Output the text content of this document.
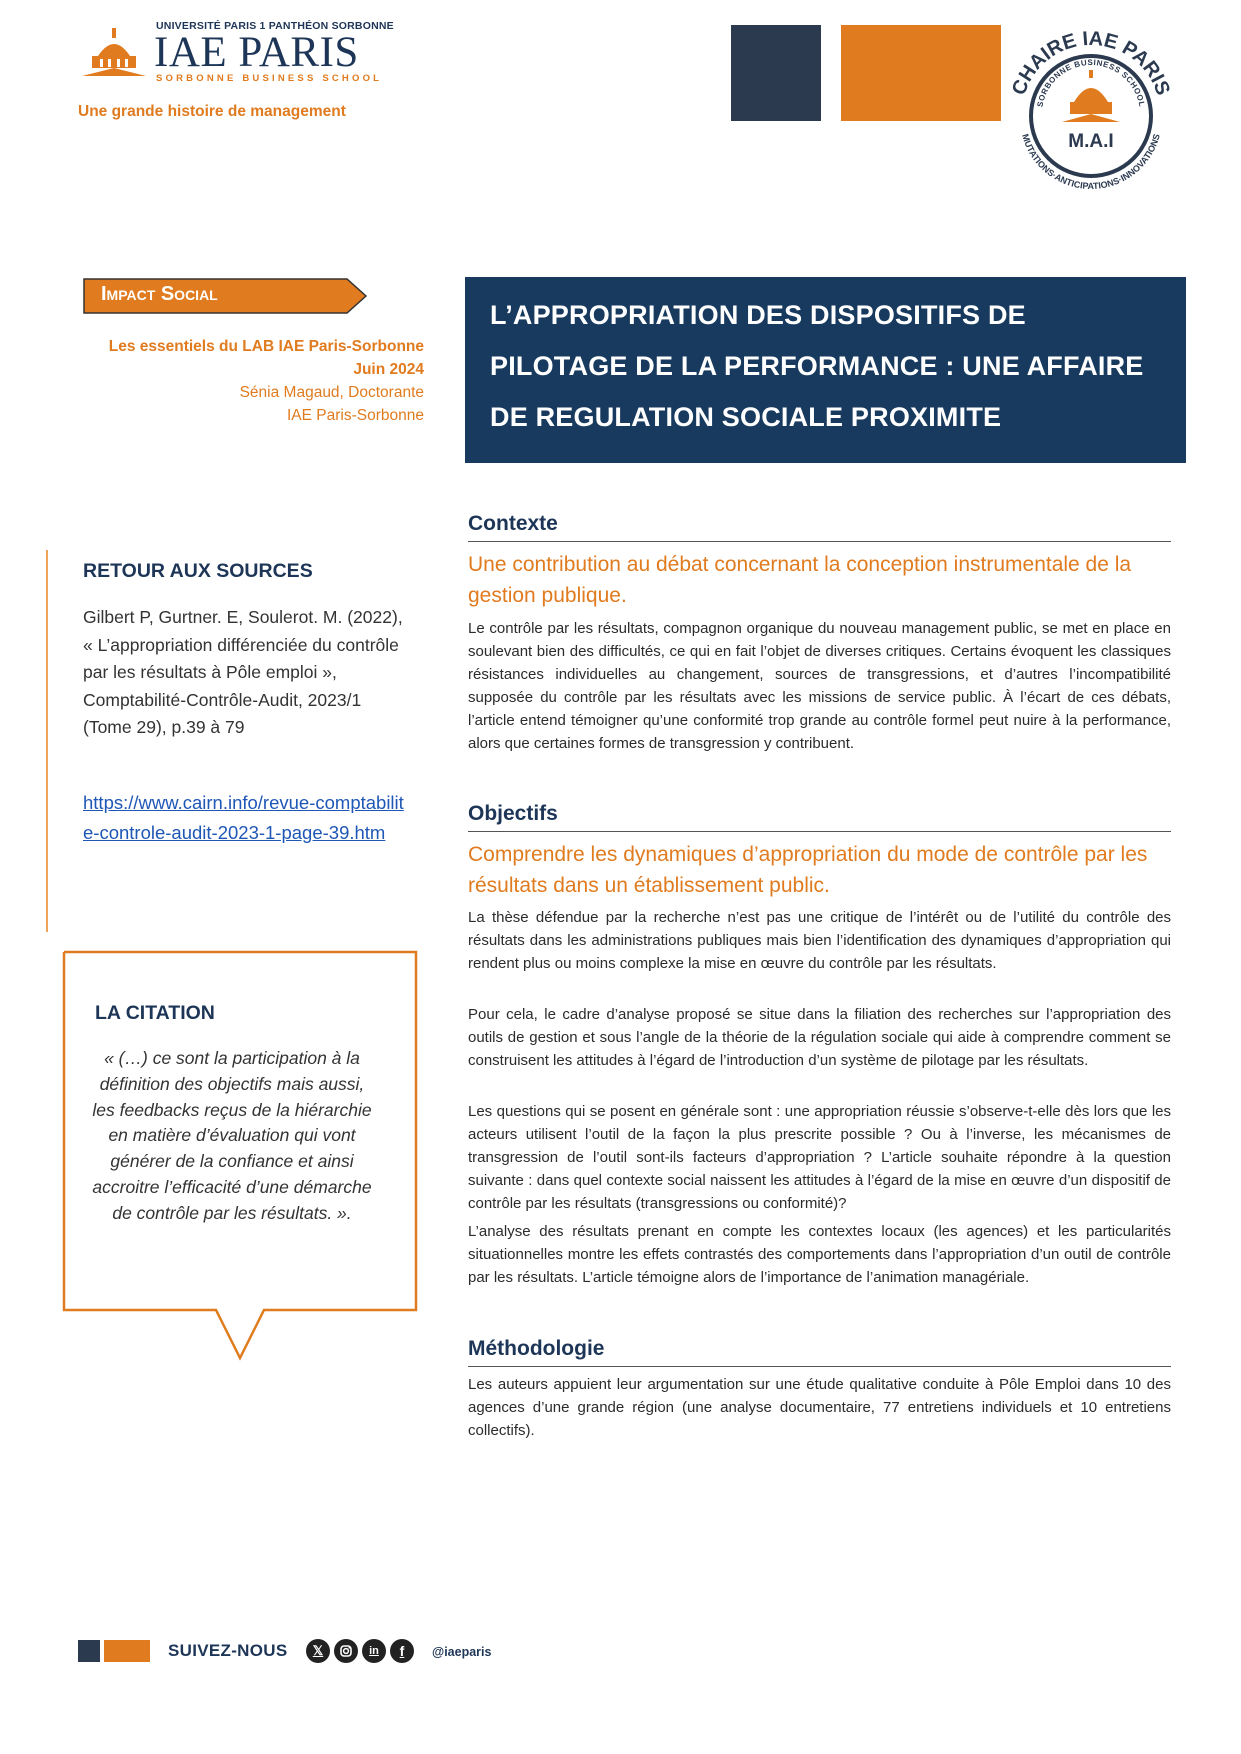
UNIVERSITÉ PARIS 1 PANTHÉON SORBONNE
IAE PARIS
SORBONNE BUSINESS SCHOOL
Une grande histoire de management
CHAIRE IAE PARIS
SORBONNE BUSINESS SCHOOL
MUTATIONS·ANTICIPATIONS·INNOVATIONS
M.A.I
Impact Social
Les essentiels du LAB IAE Paris-Sorbonne
Juin 2024
Sénia Magaud, Doctorante
IAE Paris-Sorbonne
RETOUR AUX SOURCES
Gilbert P, Gurtner. E, Soulerot. M. (2022), « L’appropriation différenciée du contrôle par les résultats à Pôle emploi », Comptabilité-Contrôle-Audit, 2023/1 (Tome 29), p.39 à 79
https://www.cairn.info/revue-comptabilite-controle-audit-2023-1-page-39.htm
LA CITATION
« (…) ce sont la participation à la définition des objectifs mais aussi, les feedbacks reçus de la hiérarchie en matière d’évaluation qui vont générer de la confiance et ainsi accroitre l’efficacité d’une démarche de contrôle par les résultats. ».
L’APPROPRIATION DES DISPOSITIFS DE PILOTAGE DE LA PERFORMANCE : UNE AFFAIRE DE REGULATION SOCIALE PROXIMITE
Contexte
Une contribution au débat concernant la conception instrumentale de la gestion publique.
Le contrôle par les résultats, compagnon organique du nouveau management public, se met en place en soulevant bien des difficultés, ce qui en fait l’objet de diverses critiques. Certains évoquent les classiques résistances individuelles au changement, sources de transgressions, et d’autres l’incompatibilité supposée du contrôle par les résultats avec les missions de service public. À l’écart de ces débats, l’article entend témoigner qu’une conformité trop grande au contrôle formel peut nuire à la performance, alors que certaines formes de transgression y contribuent.
Objectifs
Comprendre les dynamiques d’appropriation du mode de contrôle par les résultats dans un établissement public.
La thèse défendue par la recherche n’est pas une critique de l’intérêt ou de l’utilité du contrôle des résultats dans les administrations publiques mais bien l’identification des dynamiques d’appropriation qui rendent plus ou moins complexe la mise en œuvre du contrôle par les résultats.
Pour cela, le cadre d’analyse proposé se situe dans la filiation des recherches sur l’appropriation des outils de gestion et sous l’angle de la théorie de la régulation sociale qui aide à comprendre comment se construisent les attitudes à l’égard de l’introduction d’un système de pilotage par les résultats.
Les questions qui se posent en générale sont : une appropriation réussie s’observe-t-elle dès lors que les acteurs utilisent l’outil de la façon la plus prescrite possible ? Ou à l’inverse, les mécanismes de transgression de l’outil sont-ils facteurs d’appropriation ? L’article souhaite répondre à la question suivante : dans quel contexte social naissent les attitudes à l’égard de la mise en œuvre d’un dispositif de contrôle par les résultats (transgressions ou conformité)?
L’analyse des résultats prenant en compte les contextes locaux (les agences) et les particularités situationnelles montre les effets contrastés des comportements dans l’appropriation d’un outil de contrôle par les résultats. L’article témoigne alors de l’importance de l’animation managériale.
Méthodologie
Les auteurs appuient leur argumentation sur une étude qualitative conduite à Pôle Emploi dans 10 des agences d’une grande région (une analyse documentaire, 77 entretiens individuels et 10 entretiens collectifs).
SUIVEZ-NOUS	𝕏	in	f	@iaeparis
